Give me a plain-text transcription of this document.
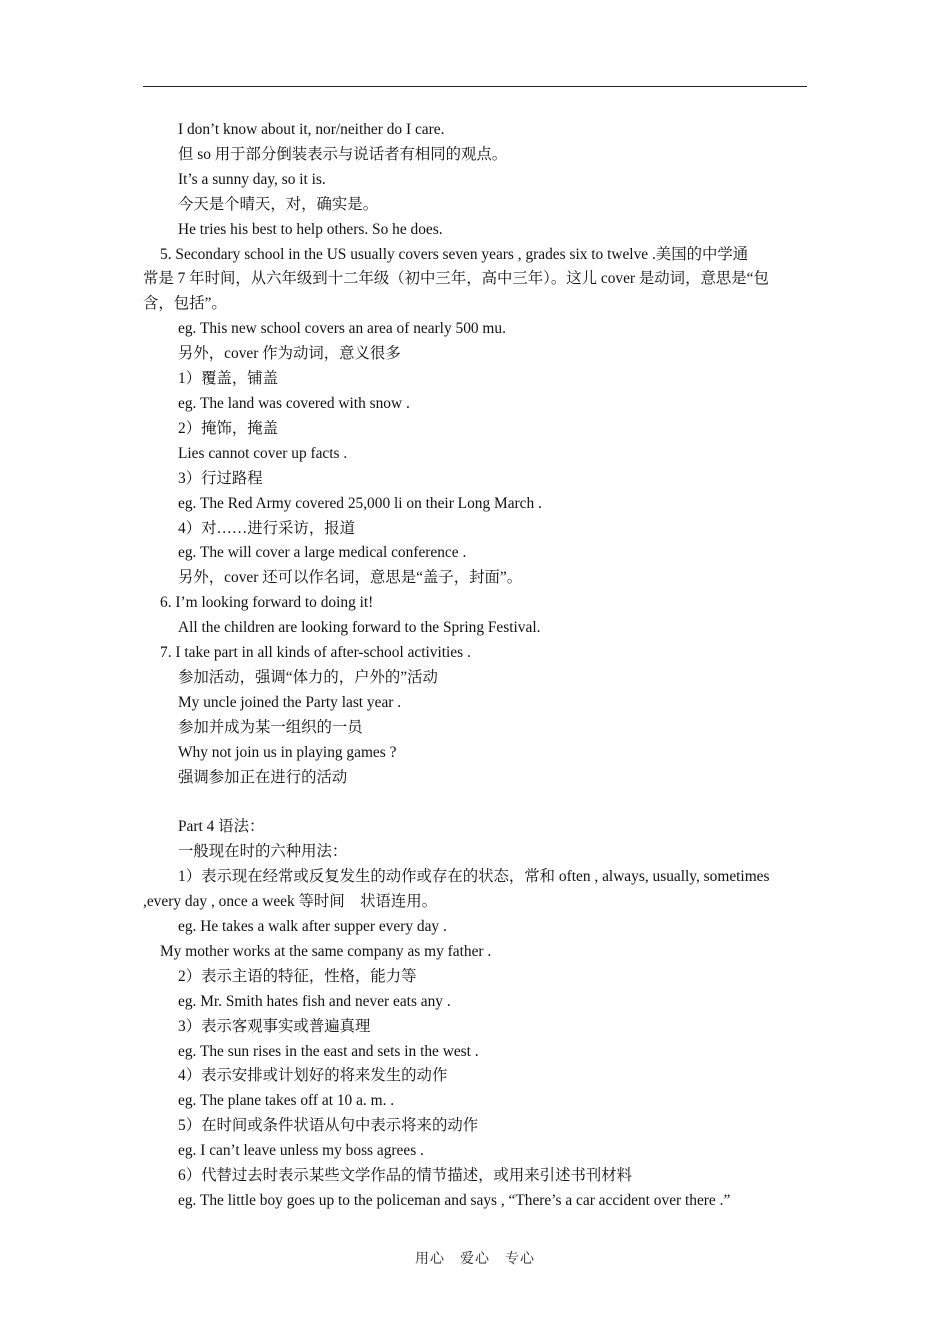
I don’t know about it, nor/neither do I care.

但 so 用于部分倒装表示与说话者有相同的观点。

It’s a sunny day, so it is.

今天是个晴天，对，确实是。

He tries his best to help others. So he does.

5. Secondary school in the US usually covers seven years , grades six to twelve .美国的中学通

常是 7 年时间，从六年级到十二年级（初中三年，高中三年）。这儿 cover 是动词，意思是“包

含，包括”。

eg. This new school covers an area of nearly 500 mu.

另外，cover 作为动词，意义很多

1）覆盖，铺盖

eg. The land was covered with snow .

2）掩饰，掩盖

Lies cannot cover up facts .

3）行过路程

eg. The Red Army covered 25,000 li on their Long March .

4）对……进行采访，报道

eg. The will cover a large medical conference .

另外，cover 还可以作名词，意思是“盖子，封面”。

6. I’m looking forward to doing it!

All the children are looking forward to the Spring Festival.

7. I take part in all kinds of after-school activities .

参加活动，强调“体力的，户外的”活动

My uncle joined the Party last year .

参加并成为某一组织的一员

Why not join us in playing games ?

强调参加正在进行的活动

Part 4 语法：

一般现在时的六种用法：

1）表示现在经常或反复发生的动作或存在的状态，常和 often , always, usually, sometimes

,every day , once a week 等时间　状语连用。

eg. He takes a walk after supper every day .

My mother works at the same company as my father .

2）表示主语的特征，性格，能力等

eg. Mr. Smith hates fish and never eats any .

3）表示客观事实或普遍真理

eg. The sun rises in the east and sets in the west .

4）表示安排或计划好的将来发生的动作

eg. The plane takes off at 10 a. m. .

5）在时间或条件状语从句中表示将来的动作

eg. I can’t leave unless my boss agrees .

6）代替过去时表示某些文学作品的情节描述，或用来引述书刊材料

eg. The little boy goes up to the policeman and says , “There’s a car accident over there .”

用心　爱心　专心
